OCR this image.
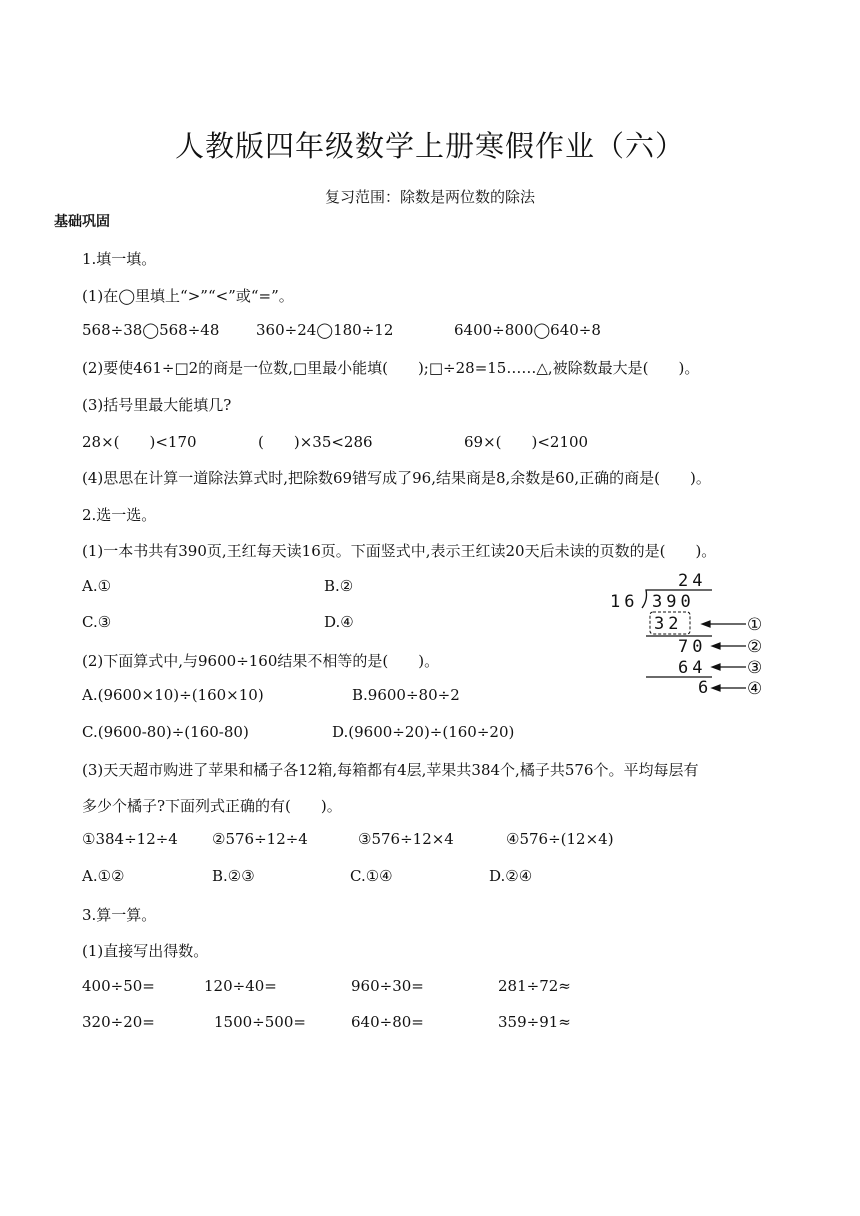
人教版四年级数学上册寒假作业（六）
复习范围：除数是两位数的除法
基础巩固
1.填一填。
(1)在◯里填上“>”“<”或“=”。
568÷38◯568÷48 360÷24◯180÷12	6400÷800◯640÷8
(2)要使461÷□2的商是一位数,□里最小能填(　　);□÷28=15……△,被除数最大是(　　)。
(3)括号里最大能填几?
28×(　　)<170	(　　)×35<286	69×(　　)<2100
(4)思思在计算一道除法算式时,把除数69错写成了96,结果商是8,余数是60,正确的商是(　　)。
2.选一选。
(1)一本书共有390页,王红每天读16页。下面竖式中,表示王红读20天后未读的页数的是(　　)。
A.①	B.②
C.③	D.④
(2)下面算式中,与9600÷160结果不相等的是(　　)。
A.(9600×10)÷(160×10)	B.9600÷80÷2
C.(9600-80)÷(160-80)	D.(9600÷20)÷(160÷20)
(3)天天超市购进了苹果和橘子各12箱,每箱都有4层,苹果共384个,橘子共576个。平均每层有
多少个橘子?下面列式正确的有(　　)。
①384÷12÷4 ②576÷12÷4	③576÷12×4	④576÷(12×4)
A.①②	B.②③	C.①④	D.②④
3.算一算。
(1)直接写出得数。
400÷50=	120÷40=	960÷30=	281÷72≈
320÷20=	1500÷500=	640÷80=	359÷91≈
24
16 390
32
70
64
6
①
②
③
④
